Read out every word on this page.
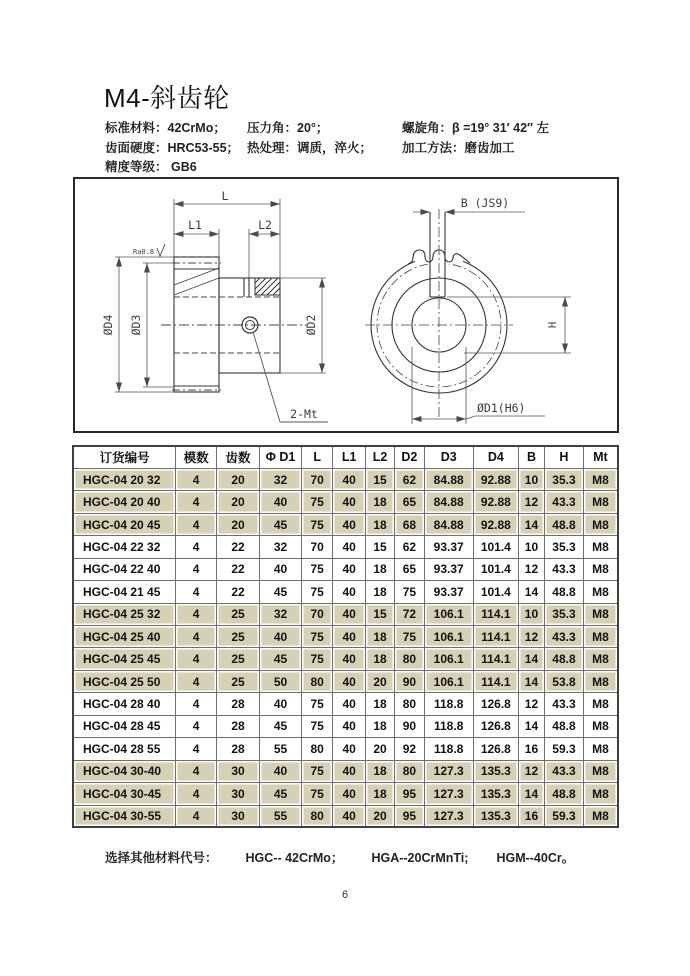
M4-斜齿轮
标准材料：42CrMo；	压力角：20°；	螺旋角：β =19° 31′ 42″ 左
齿面硬度：HRC53-55； 热处理：调质，淬火；	加工方法：磨齿加工
精度等级： GB6
2-Mt
L
L1	L2
ØD4 ØD3	ØD2
Ra0.8
B (JS9)
H
ØD1(H6)
订货编号	模数	齿数	Φ D1	L	L1	L2	D2	D3	D4	B	H	Mt
HGC-04 20 32	4	20	32	70	40	15	62	84.88	92.88	10	35.3	M8
HGC-04 20 40	4	20	40	75	40	18	65	84.88	92.88	12	43.3	M8
HGC-04 20 45	4	20	45	75	40	18	68	84.88	92.88	14	48.8	M8
HGC-04 22 32	4	22	32	70	40	15	62	93.37	101.4	10	35.3	M8
HGC-04 22 40	4	22	40	75	40	18	65	93.37	101.4	12	43.3	M8
HGC-04 21 45	4	22	45	75	40	18	75	93.37	101.4	14	48.8	M8
HGC-04 25 32	4	25	32	70	40	15	72	106.1	114.1	10	35.3	M8
HGC-04 25 40	4	25	40	75	40	18	75	106.1	114.1	12	43.3	M8
HGC-04 25 45	4	25	45	75	40	18	80	106.1	114.1	14	48.8	M8
HGC-04 25 50	4	25	50	80	40	20	90	106.1	114.1	14	53.8	M8
HGC-04 28 40	4	28	40	75	40	18	80	118.8	126.8	12	43.3	M8
HGC-04 28 45	4	28	45	75	40	18	90	118.8	126.8	14	48.8	M8
HGC-04 28 55	4	28	55	80	40	20	92	118.8	126.8	16	59.3	M8
HGC-04 30-40	4	30	40	75	40	18	80	127.3	135.3	12	43.3	M8
HGC-04 30-45	4	30	45	75	40	18	95	127.3	135.3	14	48.8	M8
HGC-04 30-55	4	30	55	80	40	20	95	127.3	135.3	16	59.3	M8
选择其他材料代号： HGC-- 42CrMo； HGA--20CrMnTi; HGM--40Cr。
6
